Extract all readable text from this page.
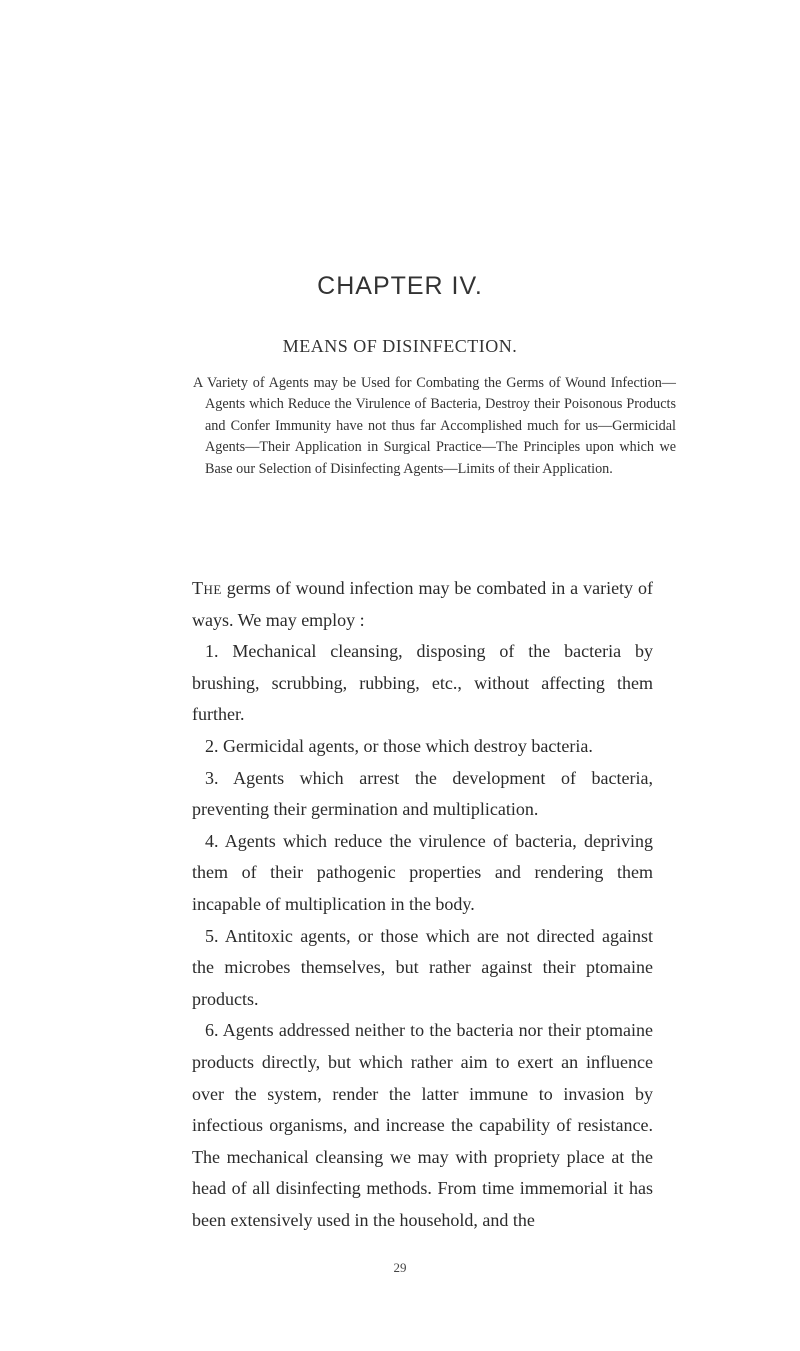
CHAPTER IV.
MEANS OF DISINFECTION.
A Variety of Agents may be Used for Combating the Germs of Wound Infection—Agents which Reduce the Virulence of Bacteria, Destroy their Poisonous Products and Confer Immunity have not thus far Accomplished much for us—Germicidal Agents—Their Application in Surgical Practice—The Principles upon which we Base our Selection of Disinfecting Agents—Limits of their Application.

The germs of wound infection may be combated in a variety of ways. We may employ :

1. Mechanical cleansing, disposing of the bacteria by brushing, scrubbing, rubbing, etc., without affecting them further.

2. Germicidal agents, or those which destroy bacteria.

3. Agents which arrest the development of bacteria, preventing their germination and multiplication.

4. Agents which reduce the virulence of bacteria, depriving them of their pathogenic properties and rendering them incapable of multiplication in the body.

5. Antitoxic agents, or those which are not directed against the microbes themselves, but rather against their ptomaine products.

6. Agents addressed neither to the bacteria nor their ptomaine products directly, but which rather aim to exert an influence over the system, render the latter immune to invasion by infectious organisms, and increase the capability of resistance. The mechanical cleansing we may with propriety place at the head of all disinfecting methods. From time immemorial it has been extensively used in the household, and the

29
